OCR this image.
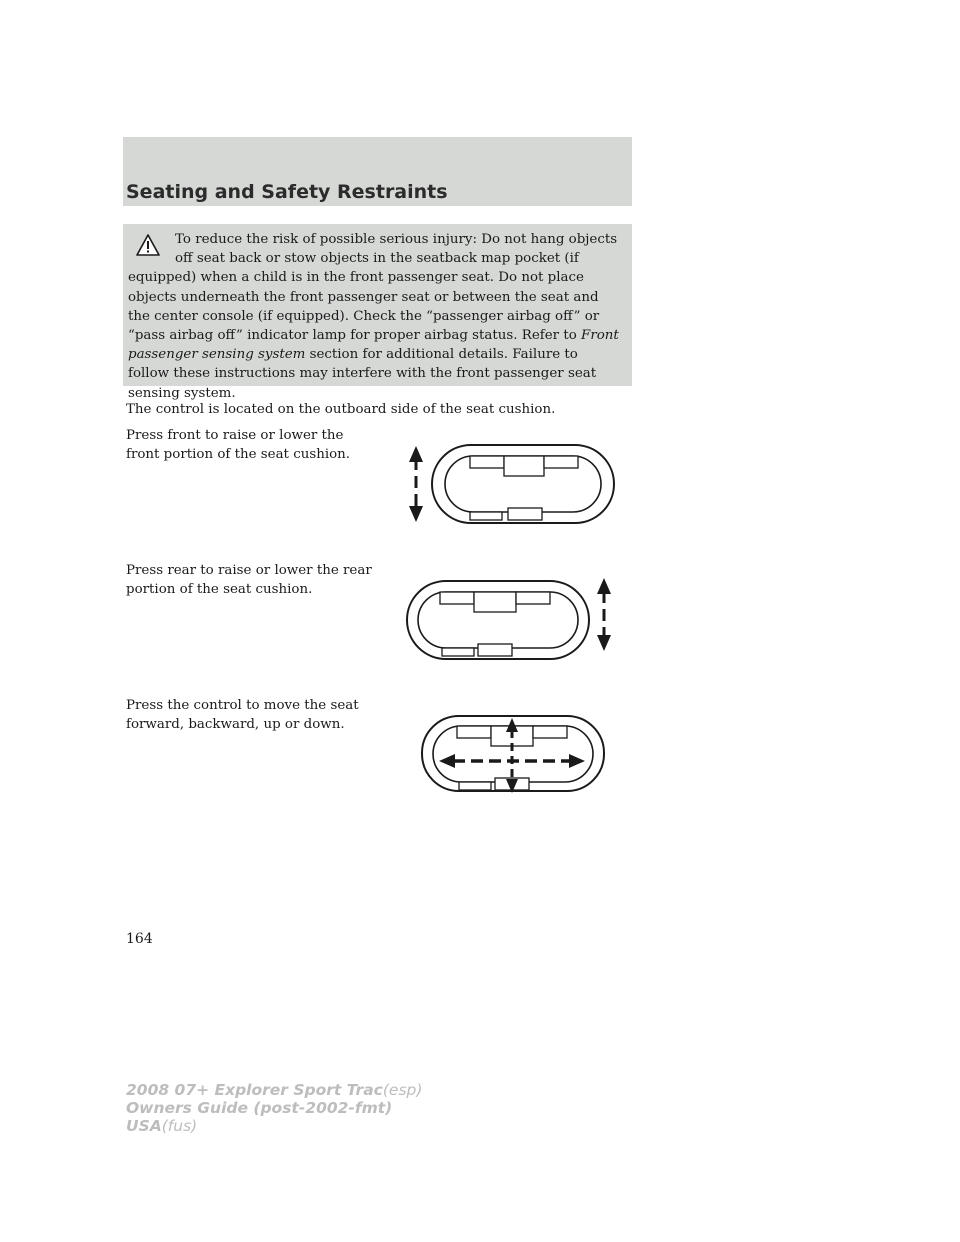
Seating and Safety Restraints
To reduce the risk of possible serious injury: Do not hang objects
off seat back or stow objects in the seatback map pocket (if
equipped) when a child is in the front passenger seat. Do not place
objects underneath the front passenger seat or between the seat and
the center console (if equipped). Check the “passenger airbag off” or
“pass airbag off” indicator lamp for proper airbag status. Refer to Front
passenger sensing system section for additional details. Failure to
follow these instructions may interfere with the front passenger seat
sensing system.
The control is located on the outboard side of the seat cushion.
Press front to raise or lower the
front portion of the seat cushion.
Press rear to raise or lower the rear
portion of the seat cushion.
Press the control to move the seat
forward, backward, up or down.
164
2008 07+ Explorer Sport Trac(esp)
Owners Guide (post-2002-fmt)
USA(fus)
